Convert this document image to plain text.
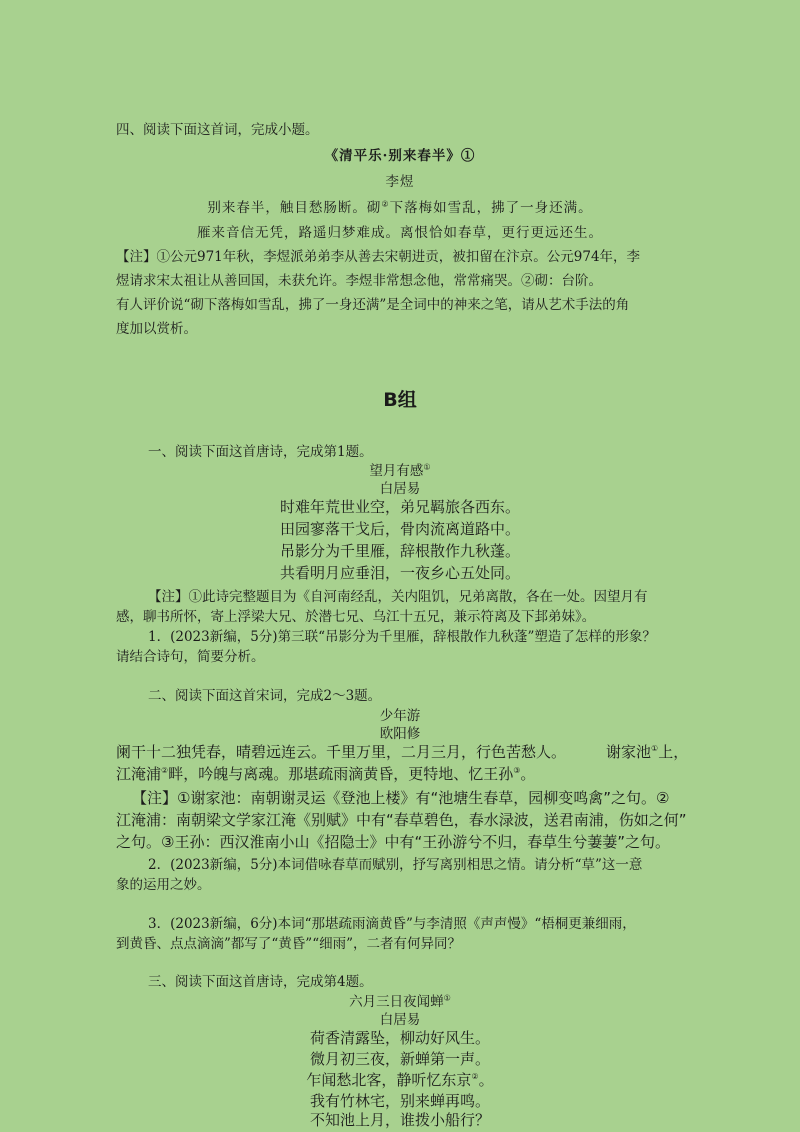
四、阅读下面这首词，完成小题。
《清平乐·别来春半》①
李煜
别来春半，触目愁肠断。砌②下落梅如雪乱，拂了一身还满。
雁来音信无凭，路遥归梦难成。离恨恰如春草，更行更远还生。
【注】①公元971年秋，李煜派弟弟李从善去宋朝进贡，被扣留在汴京。公元974年，李
煜请求宋太祖让从善回国，未获允许。李煜非常想念他，常常痛哭。②砌：台阶。
有人评价说“砌下落梅如雪乱，拂了一身还满”是全词中的神来之笔，请从艺术手法的角
度加以赏析。
B组
一、阅读下面这首唐诗，完成第1题。
望月有感①
白居易
时难年荒世业空，弟兄羁旅各西东。
田园寥落干戈后，骨肉流离道路中。
吊影分为千里雁，辞根散作九秋蓬。
共看明月应垂泪，一夜乡心五处同。
【注】①此诗完整题目为《自河南经乱，关内阻饥，兄弟离散，各在一处。因望月有
感，聊书所怀，寄上浮梁大兄、於潜七兄、乌江十五兄，兼示符离及下邽弟妹》。
1．(2023新编，5分)第三联“吊影分为千里雁，辞根散作九秋蓬”塑造了怎样的形象？
请结合诗句，简要分析。
二、阅读下面这首宋词，完成2～3题。
少年游
欧阳修
阑干十二独凭春，晴碧远连云。千里万里，二月三月，行色苦愁人。	谢家池①上，
江淹浦②畔，吟魄与离魂。那堪疏雨滴黄昏，更特地、忆王孙③。
【注】①谢家池：南朝谢灵运《登池上楼》有“池塘生春草，园柳变鸣禽”之句。②
江淹浦：南朝梁文学家江淹《别赋》中有“春草碧色，春水渌波，送君南浦，伤如之何”
之句。③王孙：西汉淮南小山《招隐士》中有“王孙游兮不归，春草生兮萋萋”之句。
2．(2023新编，5分)本词借咏春草而赋别，抒写离别相思之情。请分析“草”这一意
象的运用之妙。
3．(2023新编，6分)本词“那堪疏雨滴黄昏”与李清照《声声慢》“梧桐更兼细雨，
到黄昏、点点滴滴”都写了“黄昏”“细雨”，二者有何异同？
三、阅读下面这首唐诗，完成第4题。
六月三日夜闻蝉①
白居易
荷香清露坠，柳动好风生。
微月初三夜，新蝉第一声。
乍闻愁北客，静听忆东京②。
我有竹林宅，别来蝉再鸣。
不知池上月，谁拨小船行？
